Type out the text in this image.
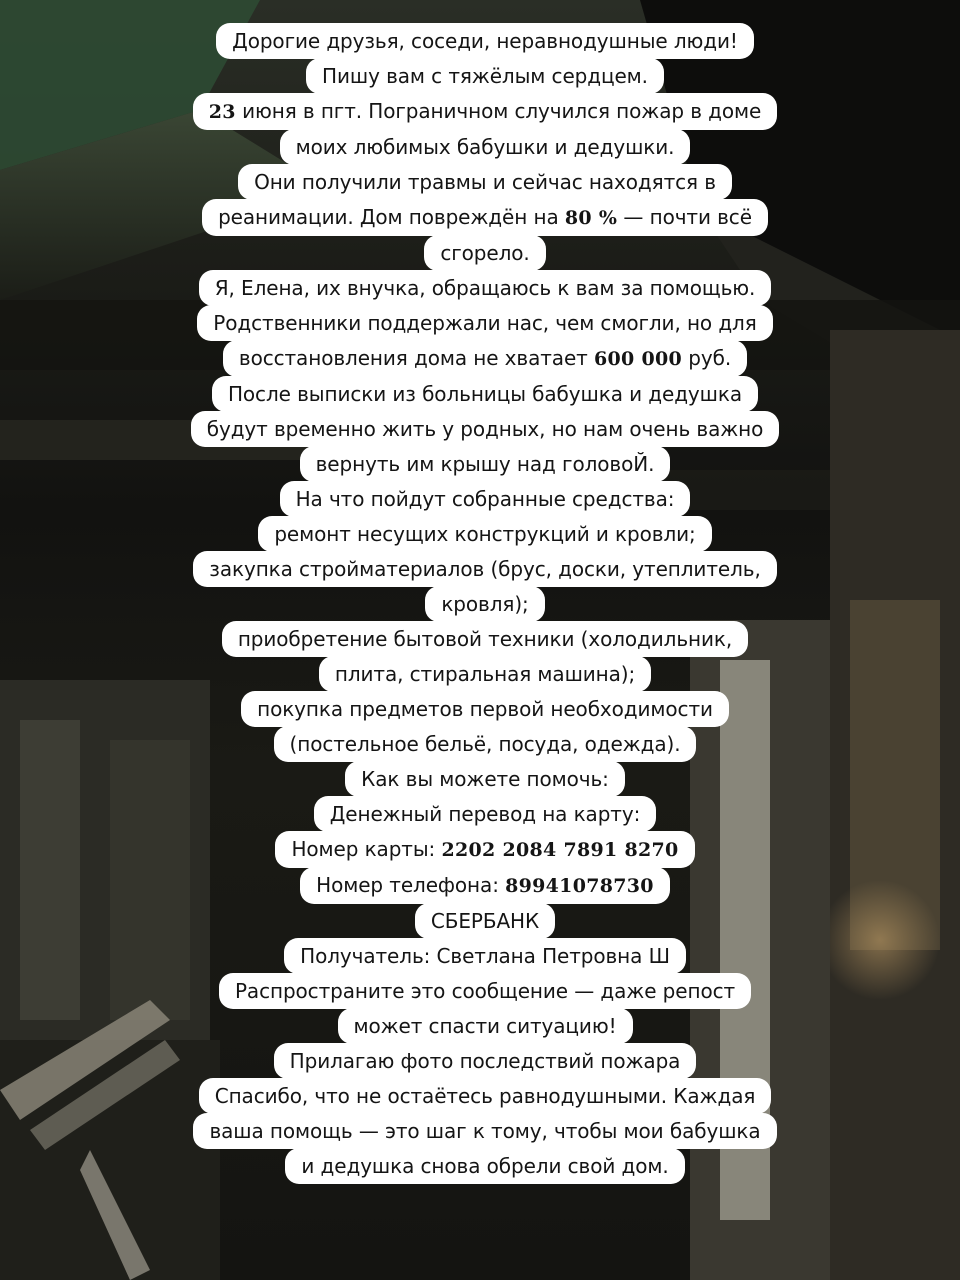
Дорогие друзья, соседи, неравнодушные люди!
Пишу вам с тяжёлым сердцем.
23 июня в пгт. Пограничном случился пожар в доме
моих любимых бабушки и дедушки.
Они получили травмы и сейчас находятся в
реанимации. Дом повреждён на 80 % — почти всё
сгорело.
Я, Елена, их внучка, обращаюсь к вам за помощью.
Родственники поддержали нас, чем смогли, но для
восстановления дома не хватает 600 000 руб.
После выписки из больницы бабушка и дедушка
будут временно жить у родных, но нам очень важно
вернуть им крышу над головоЙ.
На что пойдут собранные средства:
ремонт несущих конструкций и кровли;
закупка стройматериалов (брус, доски, утеплитель,
кровля);
приобретение бытовой техники (холодильник,
плита, стиральная машина);
покупка предметов первой необходимости
(постельное бельё, посуда, одежда).
Как вы можете помочь:
Денежный перевод на карту:
Номер карты: 2202 2084 7891 8270
Номер телефона: 89941078730
СБЕРБАНК
Получатель: Светлана Петровна Ш
Распространите это сообщение — даже репост
может спасти ситуацию!
Прилагаю фото последствий пожара
Спасибо, что не остаётесь равнодушными. Каждая
ваша помощь — это шаг к тому, чтобы мои бабушка
и дедушка снова обрели свой дом.
